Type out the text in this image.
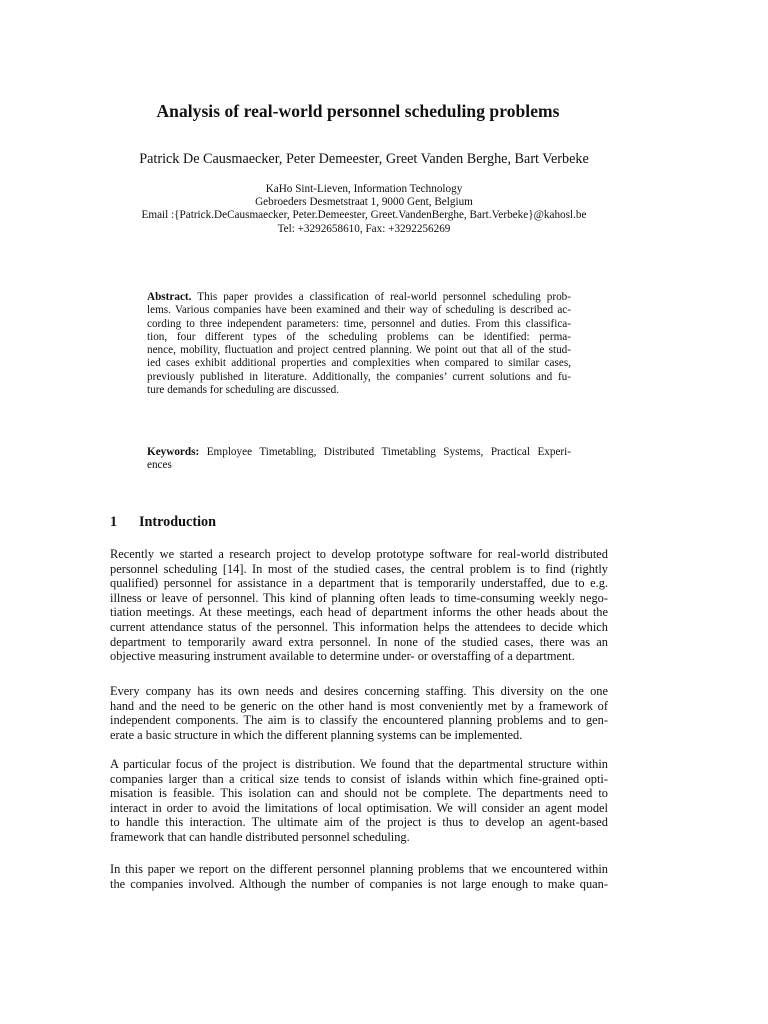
Analysis of real-world personnel scheduling problems
Patrick De Causmaecker, Peter Demeester, Greet Vanden Berghe, Bart Verbeke
KaHo Sint-Lieven, Information Technology
Gebroeders Desmetstraat 1, 9000 Gent, Belgium
Email :{Patrick.DeCausmaecker, Peter.Demeester, Greet.VandenBerghe, Bart.Verbeke}@kahosl.be
Tel: +3292658610, Fax: +3292256269
Abstract. This paper provides a classification of real-world personnel scheduling prob-
lems. Various companies have been examined and their way of scheduling is described ac-
cording to three independent parameters: time, personnel and duties. From this classifica-
tion, four different types of the scheduling problems can be identified: perma-
nence, mobility, fluctuation and project centred planning. We point out that all of the stud-
ied cases exhibit additional properties and complexities when compared to similar cases,
previously published in literature. Additionally, the companies’ current solutions and fu-
ture demands for scheduling are discussed.
Keywords: Employee Timetabling, Distributed Timetabling Systems, Practical Experi-
ences
1 Introduction
Recently we started a research project to develop prototype software for real-world distributed
personnel scheduling [14]. In most of the studied cases, the central problem is to find (rightly
qualified) personnel for assistance in a department that is temporarily understaffed, due to e.g.
illness or leave of personnel. This kind of planning often leads to time-consuming weekly nego-
tiation meetings. At these meetings, each head of department informs the other heads about the
current attendance status of the personnel. This information helps the attendees to decide which
department to temporarily award extra personnel. In none of the studied cases, there was an
objective measuring instrument available to determine under- or overstaffing of a department.
Every company has its own needs and desires concerning staffing. This diversity on the one
hand and the need to be generic on the other hand is most conveniently met by a framework of
independent components. The aim is to classify the encountered planning problems and to gen-
erate a basic structure in which the different planning systems can be implemented.
A particular focus of the project is distribution. We found that the departmental structure within
companies larger than a critical size tends to consist of islands within which fine-grained opti-
misation is feasible. This isolation can and should not be complete. The departments need to
interact in order to avoid the limitations of local optimisation. We will consider an agent model
to handle this interaction. The ultimate aim of the project is thus to develop an agent-based
framework that can handle distributed personnel scheduling.
In this paper we report on the different personnel planning problems that we encountered within
the companies involved. Although the number of companies is not large enough to make quan-
